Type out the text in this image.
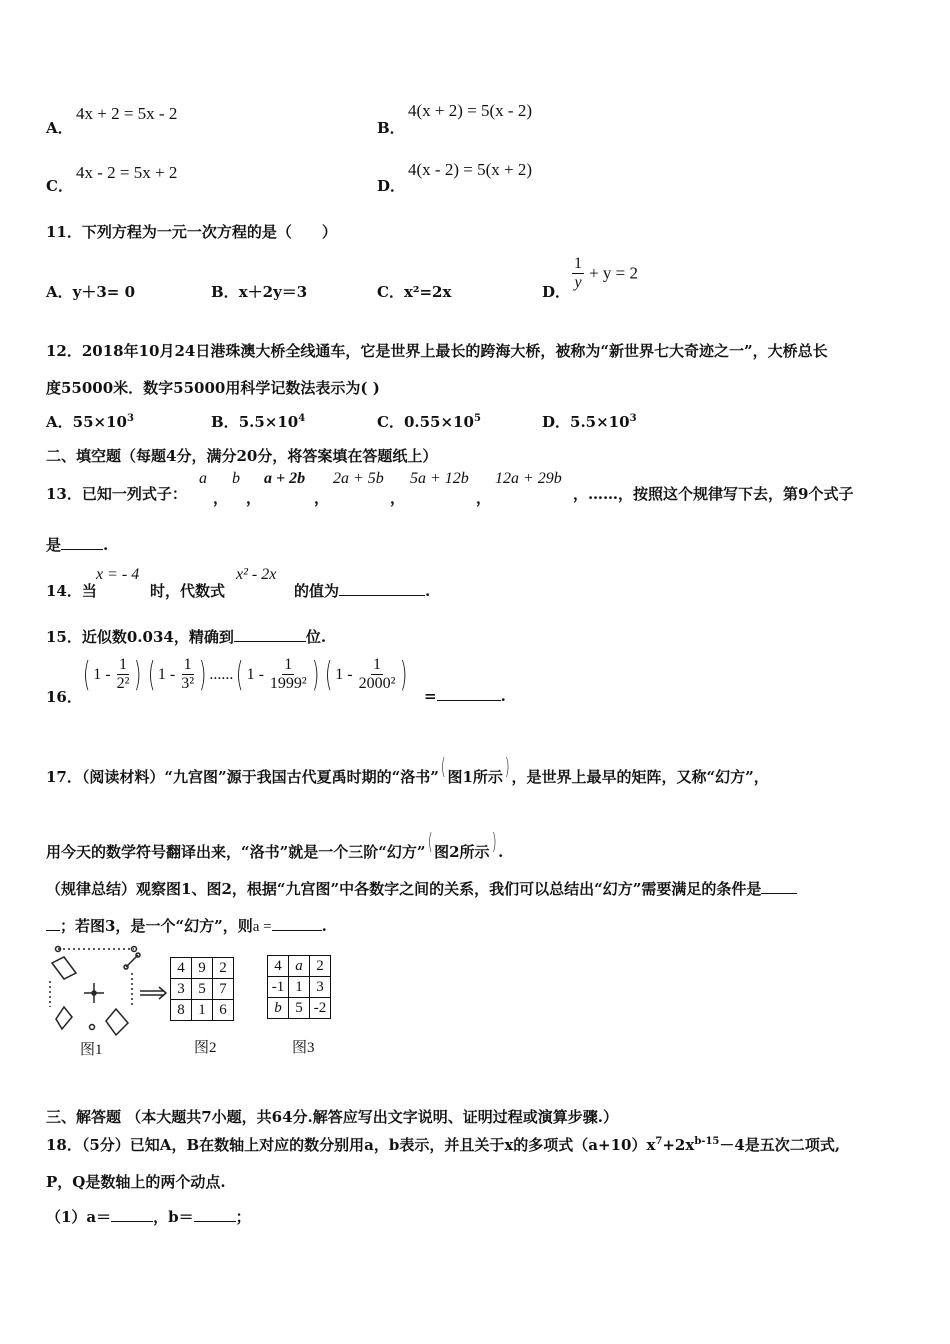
A．
4x + 2 = 5x - 2
B．
4(x + 2) = 5(x - 2)
C．
4x - 2 = 5x + 2
D．
4(x - 2) = 5(x + 2)
11．下列方程为一元一次方程的是（　　）
A．y＋3= 0	B．x＋2y＝3	C．x²=2x	D． $\frac{1}{y} + y = 2$
12．2018年10月24日港珠澳大桥全线通车，它是世界上最长的跨海大桥，被称为“新世界七大奇迹之一”，大桥总长
度55000米．数字55000用科学记数法表示为( )
A．$55\times 10^3$	B．$5.5\times 10^4$	C．$0.55\times 10^5$	D．$5.5\times 10^3$
二、填空题（每题4分，满分20分，将答案填在答题纸上）
13．已知一列式子：
a
，
b
，
a + 2b
，
2a + 5b
，
5a + 12b
，
12a + 29b
，……，按照这个规律写下去，第9个式子
是	.
14．当
x = - 4
时，代数式
x² - 2x
的值为	.
15．近似数0.034，精确到	位.
16．
( $1 - \frac{1}{\text{2²}}$ ) ( $1 - \frac{1}{\text{3²}}$ ) ...... ( $1 - \frac{1}{\text{1999²}}$ ) ( $1 - \frac{1}{\text{2000²}}$ )
=	.
17．（阅读材料）“九宫图”源于我国古代夏禹时期的“洛书”( 图1所示) ，是世界上最早的矩阵，又称“幻方”，
用今天的数学符号翻译出来，“洛书”就是一个三阶“幻方”( 图2所示) .
（规律总结）观察图1、图2，根据“九宫图”中各数字之间的关系，我们可以总结出“幻方”需要满足的条件是
；若图3，是一个“幻方”，则a =	.
4	9	2
3	5	7
8	1	6
4	a	2
-1	1	3
b	5	-2
图1	图2	图3
三、解答题 （本大题共7小题，共64分.解答应写出文字说明、证明过程或演算步骤.）
18．（5分）已知A，B在数轴上对应的数分别用a，b表示，并且关于x的多项式$(a+10)x^7+2x^{b-15}-4$是五次二项式,
P，Q是数轴上的两个动点.
（1）a＝	，b＝	；
